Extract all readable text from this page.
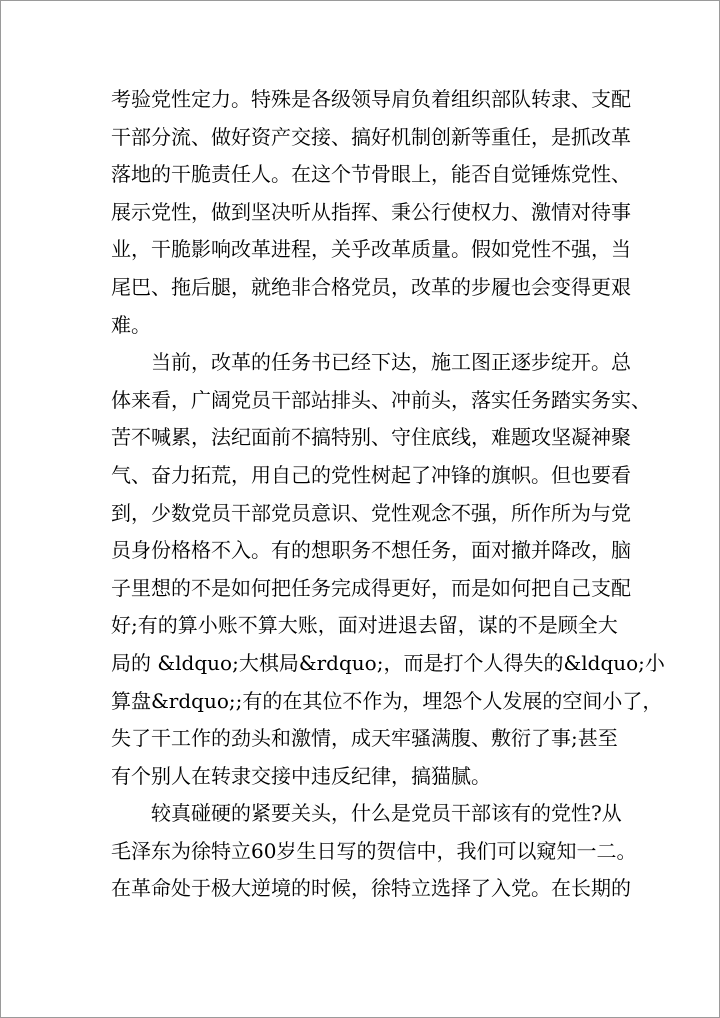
考验党性定力。特殊是各级领导肩负着组织部队转隶、支配
干部分流、做好资产交接、搞好机制创新等重任，是抓改革
落地的干脆责任人。在这个节骨眼上，能否自觉锤炼党性、
展示党性，做到坚决听从指挥、秉公行使权力、激情对待事
业，干脆影响改革进程，关乎改革质量。假如党性不强，当
尾巴、拖后腿，就绝非合格党员，改革的步履也会变得更艰
难。
当前，改革的任务书已经下达，施工图正逐步绽开。总
体来看，广阔党员干部站排头、冲前头，落实任务踏实务实、
苦不喊累，法纪面前不搞特别、守住底线，难题攻坚凝神聚
气、奋力拓荒，用自己的党性树起了冲锋的旗帜。但也要看
到，少数党员干部党员意识、党性观念不强，所作所为与党
员身份格格不入。有的想职务不想任务，面对撤并降改，脑
子里想的不是如何把任务完成得更好，而是如何把自己支配
好;有的算小账不算大账，面对进退去留，谋的不是顾全大
局的 &ldquo;大棋局&rdquo;，而是打个人得失的&ldquo;小
算盘&rdquo;;有的在其位不作为，埋怨个人发展的空间小了，
失了干工作的劲头和激情，成天牢骚满腹、敷衍了事;甚至
有个别人在转隶交接中违反纪律，搞猫腻。
较真碰硬的紧要关头，什么是党员干部该有的党性?从
毛泽东为徐特立60岁生日写的贺信中，我们可以窥知一二。
在革命处于极大逆境的时候，徐特立选择了入党。在长期的
